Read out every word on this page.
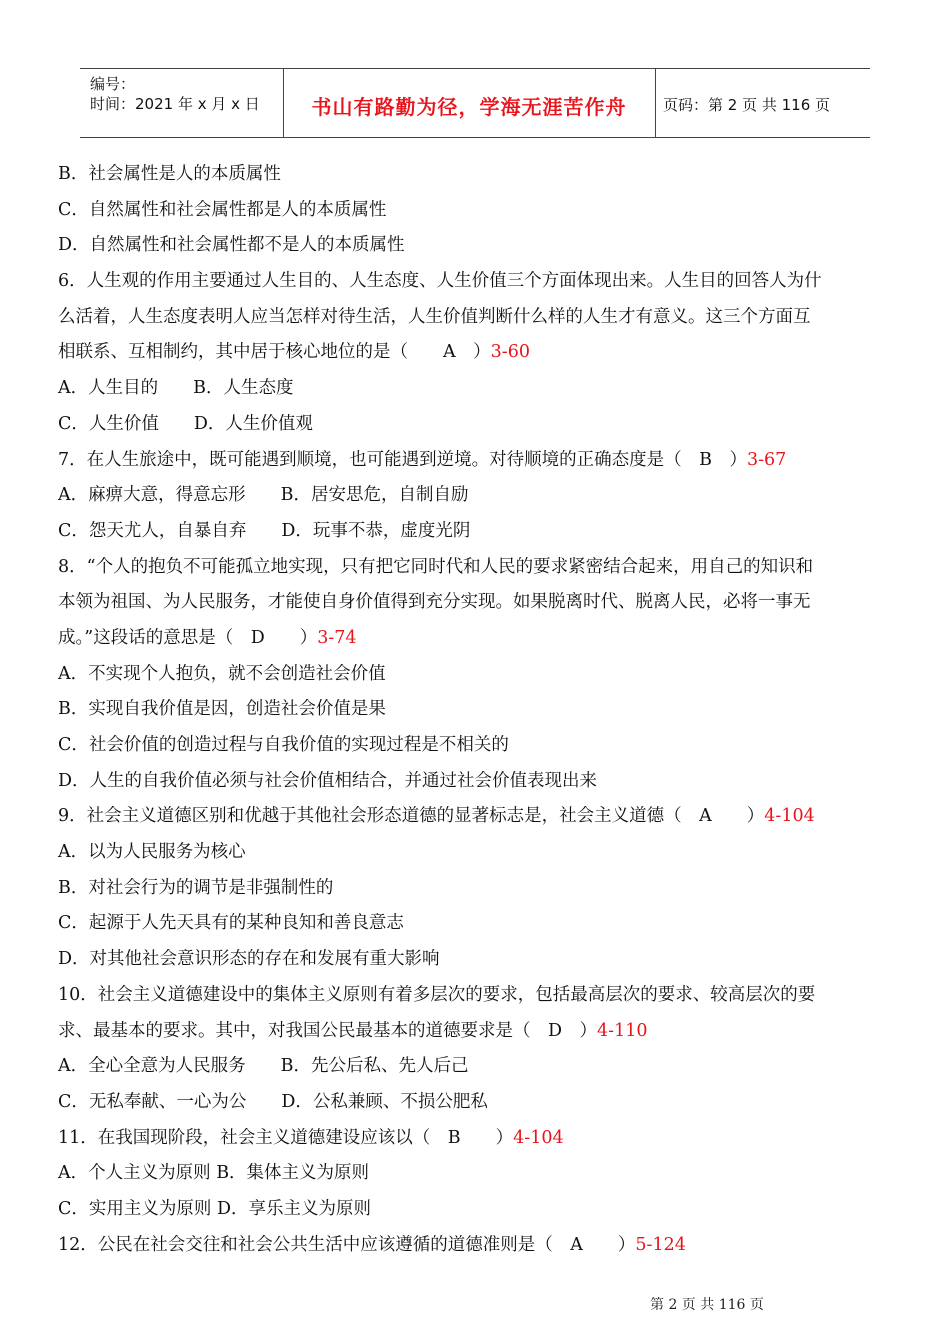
编号：
时间：2021 年 x 月 x 日	书山有路勤为径，学海无涯苦作舟	页码：第 2 页 共 116 页
B．社会属性是人的本质属性
C．自然属性和社会属性都是人的本质属性
D．自然属性和社会属性都不是人的本质属性
6．人生观的作用主要通过人生目的、人生态度、人生价值三个方面体现出来。人生目的回答人为什
么活着，人生态度表明人应当怎样对待生活，人生价值判断什么样的人生才有意义。这三个方面互
相联系、互相制约，其中居于核心地位的是（　　A　）3-60
A．人生目的　　B．人生态度
C．人生价值　　D．人生价值观
7．在人生旅途中，既可能遇到顺境，也可能遇到逆境。对待顺境的正确态度是（　B　）3-67
A．麻痹大意，得意忘形　　B．居安思危，自制自励
C．怨天尤人，自暴自弃　　D．玩事不恭，虚度光阴
8．“个人的抱负不可能孤立地实现，只有把它同时代和人民的要求紧密结合起来，用自己的知识和
本领为祖国、为人民服务，才能使自身价值得到充分实现。如果脱离时代、脱离人民，必将一事无
成。”这段话的意思是（　D　　）3-74
A．不实现个人抱负，就不会创造社会价值
B．实现自我价值是因，创造社会价值是果
C．社会价值的创造过程与自我价值的实现过程是不相关的
D．人生的自我价值必须与社会价值相结合，并通过社会价值表现出来
9．社会主义道德区别和优越于其他社会形态道德的显著标志是，社会主义道德（　A　　）4-104
A．以为人民服务为核心
B．对社会行为的调节是非强制性的
C．起源于人先天具有的某种良知和善良意志
D．对其他社会意识形态的存在和发展有重大影响
10．社会主义道德建设中的集体主义原则有着多层次的要求，包括最高层次的要求、较高层次的要
求、最基本的要求。其中，对我国公民最基本的道德要求是（　D　）4-110
A．全心全意为人民服务　　B．先公后私、先人后己
C．无私奉献、一心为公　　D．公私兼顾、不损公肥私
11．在我国现阶段，社会主义道德建设应该以（　B　　）4-104
A．个人主义为原则 B．集体主义为原则
C．实用主义为原则 D．享乐主义为原则
12．公民在社会交往和社会公共生活中应该遵循的道德准则是（　A　　）5-124
第 2 页 共 116 页
